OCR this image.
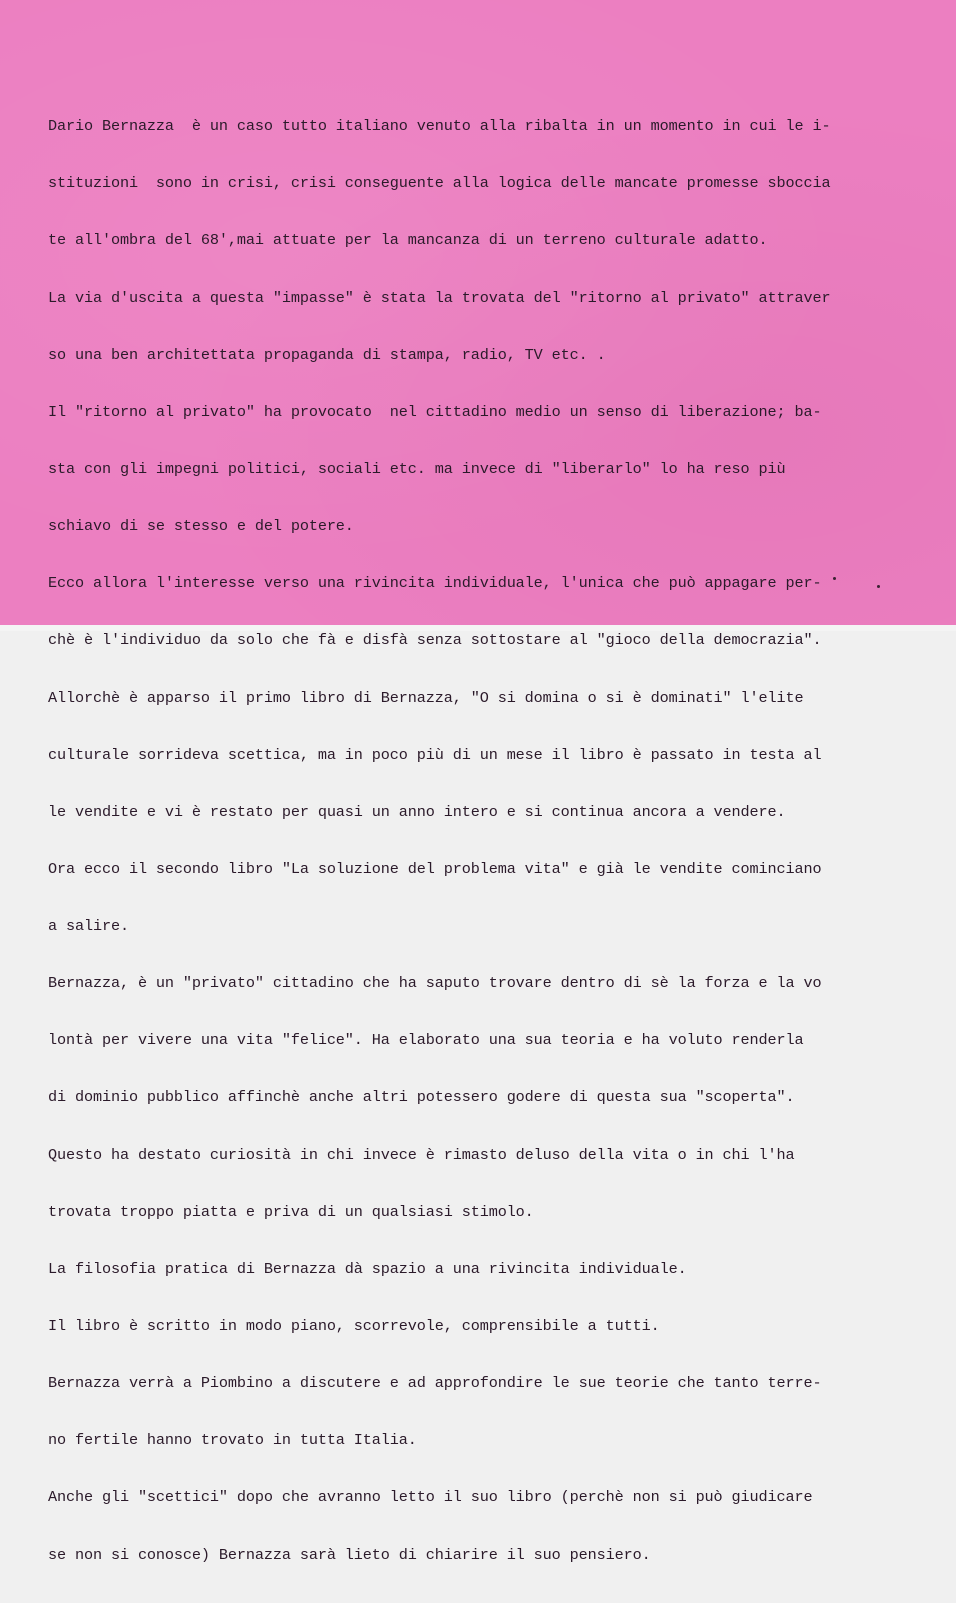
Dario Bernazza  è un caso tutto italiano venuto alla ribalta in un momento in cui le i-

stituzioni  sono in crisi, crisi conseguente alla logica delle mancate promesse sboccia

te all'ombra del 68',mai attuate per la mancanza di un terreno culturale adatto.

La via d'uscita a questa "impasse" è stata la trovata del "ritorno al privato" attraver

so una ben architettata propaganda di stampa, radio, TV etc. .

Il "ritorno al privato" ha provocato  nel cittadino medio un senso di liberazione; ba-

sta con gli impegni politici, sociali etc. ma invece di "liberarlo" lo ha reso più

schiavo di se stesso e del potere.

Ecco allora l'interesse verso una rivincita individuale, l'unica che può appagare per-

chè è l'individuo da solo che fà e disfà senza sottostare al "gioco della democrazia".

Allorchè è apparso il primo libro di Bernazza, "O si domina o si è dominati" l'elite

culturale sorrideva scettica, ma in poco più di un mese il libro è passato in testa al

le vendite e vi è restato per quasi un anno intero e si continua ancora a vendere.

Ora ecco il secondo libro "La soluzione del problema vita" e già le vendite cominciano

a salire.

Bernazza, è un "privato" cittadino che ha saputo trovare dentro di sè la forza e la vo

lontà per vivere una vita "felice". Ha elaborato una sua teoria e ha voluto renderla

di dominio pubblico affinchè anche altri potessero godere di questa sua "scoperta".

Questo ha destato curiosità in chi invece è rimasto deluso della vita o in chi l'ha

trovata troppo piatta e priva di un qualsiasi stimolo.

La filosofia pratica di Bernazza dà spazio a una rivincita individuale.

Il libro è scritto in modo piano, scorrevole, comprensibile a tutti.

Bernazza verrà a Piombino a discutere e ad approfondire le sue teorie che tanto terre-

no fertile hanno trovato in tutta Italia.

Anche gli "scettici" dopo che avranno letto il suo libro (perchè non si può giudicare

se non si conosce) Bernazza sarà lieto di chiarire il suo pensiero.
